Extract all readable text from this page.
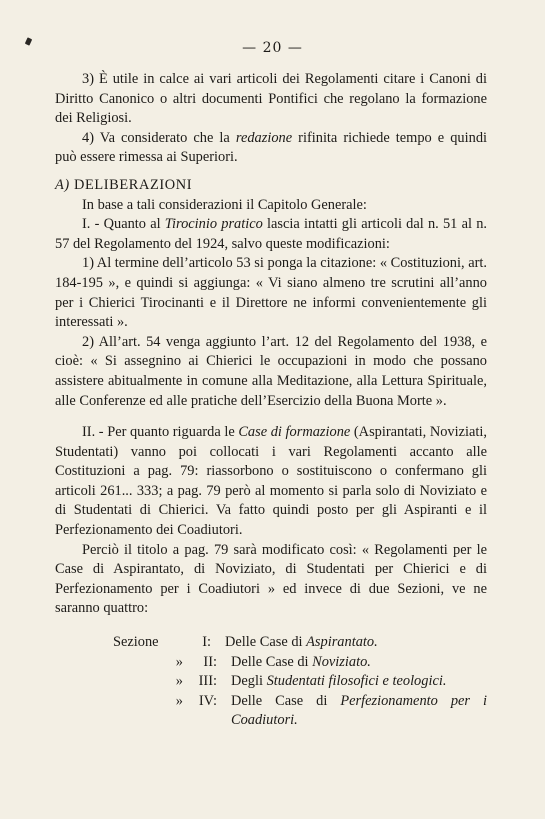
— 20 —

3) È utile in calce ai vari articoli dei Regolamenti citare i Canoni di Diritto Canonico o altri documenti Pontifici che regolano la formazione dei Religiosi.

4) Va considerato che la redazione rifinita richiede tempo e quindi può essere rimessa ai Superiori.

A) DELIBERAZIONI

In base a tali considerazioni il Capitolo Generale:

I. - Quanto al Tirocinio pratico lascia intatti gli articoli dal n. 51 al n. 57 del Regolamento del 1924, salvo queste modificazioni:

1) Al termine dell’articolo 53 si ponga la citazione: « Costituzioni, art. 184-195 », e quindi si aggiunga: « Vi siano almeno tre scrutini all’anno per i Chierici Tirocinanti e il Direttore ne informi convenientemente gli interessati ».

2) All’art. 54 venga aggiunto l’art. 12 del Regolamento del 1938, e cioè: « Si assegnino ai Chierici le occupazioni in modo che possano assistere abitualmente in comune alla Meditazione, alla Lettura Spirituale, alle Conferenze ed alle pratiche dell’Esercizio della Buona Morte ».

II. - Per quanto riguarda le Case di formazione (Aspirantati, Noviziati, Studentati) vanno poi collocati i vari Regolamenti accanto alle Costituzioni a pag. 79: riassorbono o sostituiscono o confermano gli articoli 261... 333; a pag. 79 però al momento si parla solo di Noviziato e di Studentati di Chierici. Va fatto quindi posto per gli Aspiranti e il Perfezionamento dei Coadiutori.

Perciò il titolo a pag. 79 sarà modificato così: « Regolamenti per le Case di Aspirantato, di Noviziato, di Studentati per Chierici e di Perfezionamento per i Coadiutori » ed invece di due Sezioni, ve ne saranno quattro:

Sezione	I: Delle Case di Aspirantato.
»	II: Delle Case di Noviziato.
»	III: Degli Studentati filosofici e teologici.
»	IV: Delle Case di Perfezionamento per i Coadiutori.
